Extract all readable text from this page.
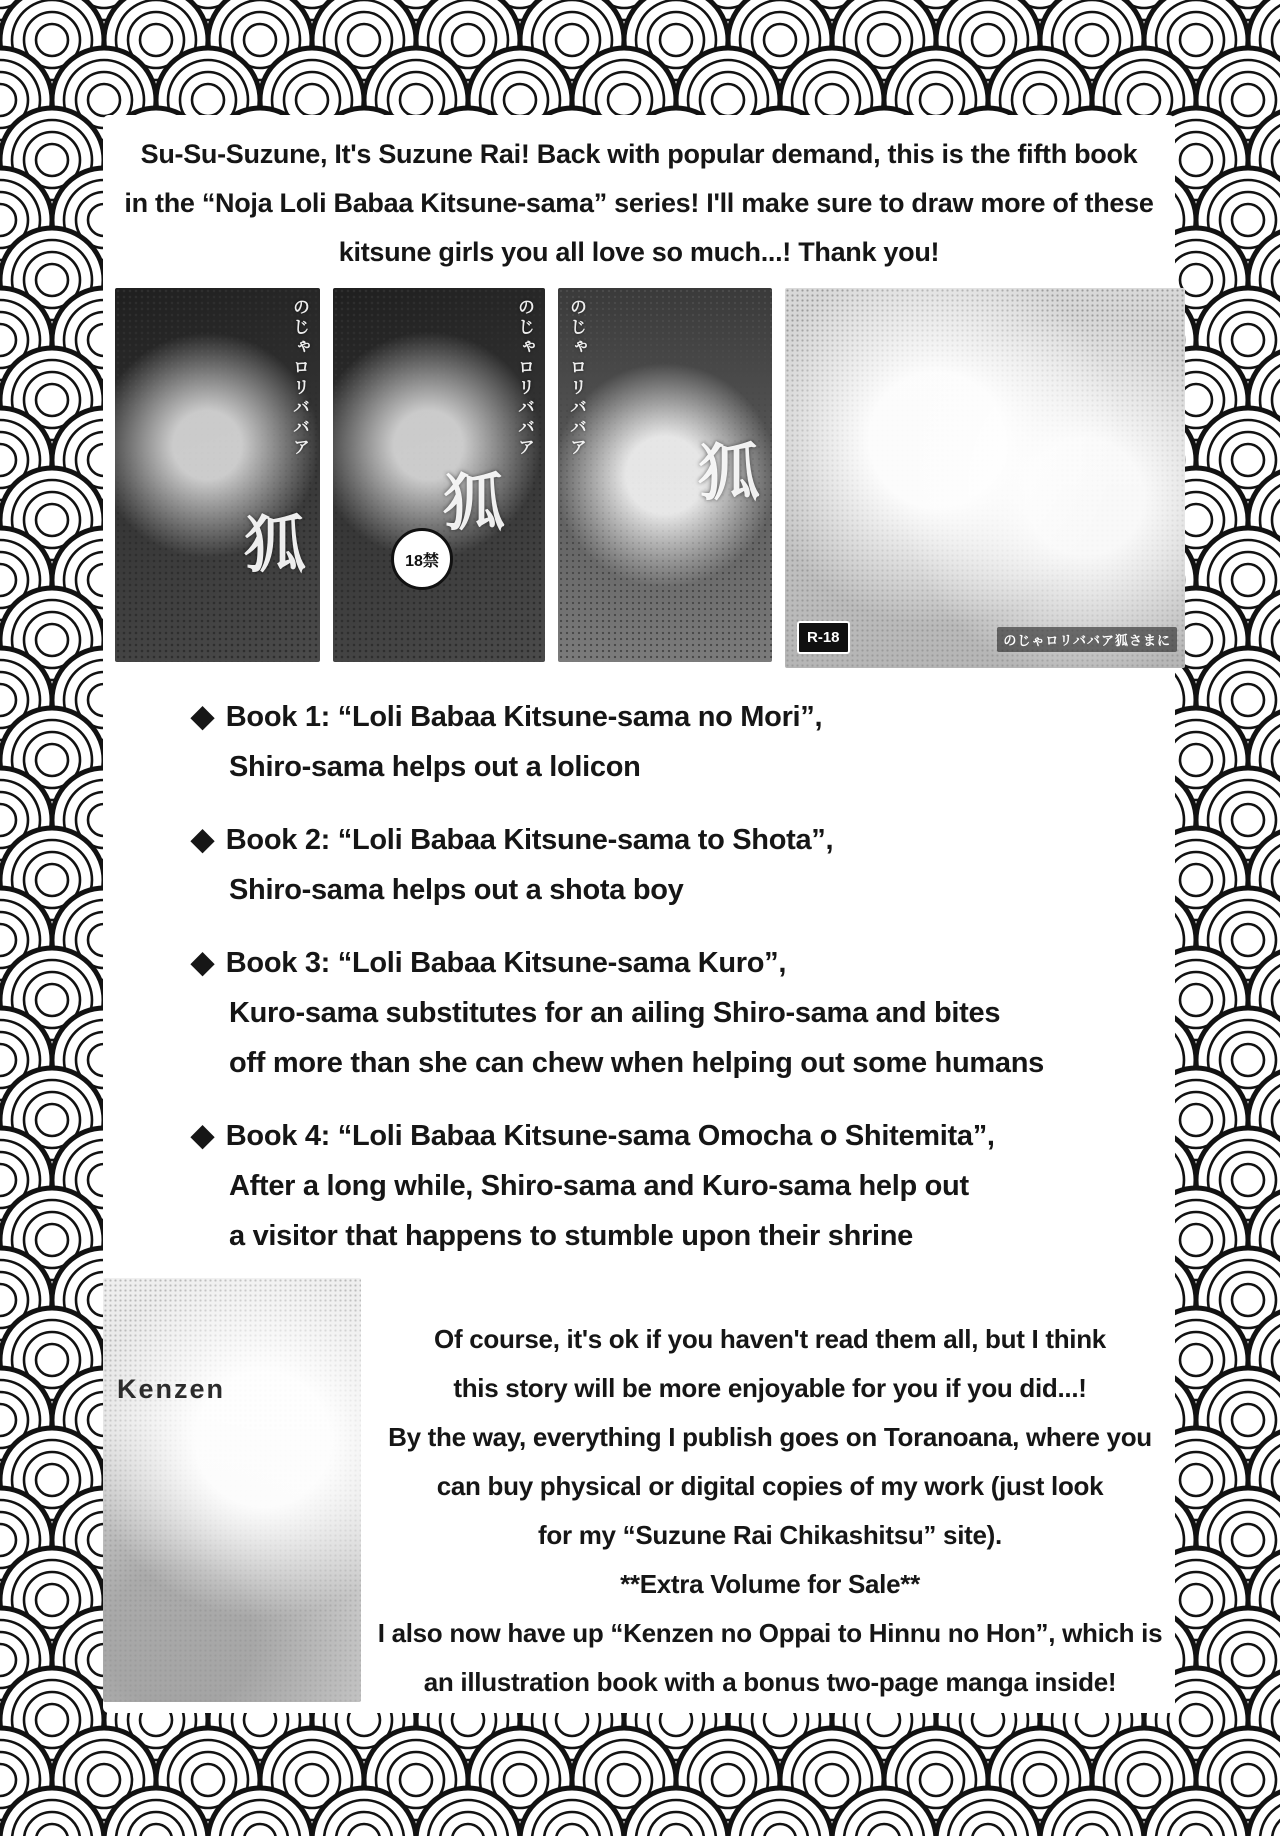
Su-Su-Suzune, It's Suzune Rai! Back with popular demand, this is the fifth book
in the “Noja Loli Babaa Kitsune-sama” series! I'll make sure to draw more of these
kitsune girls you all love so much...! Thank you!
のじゃロリババア
狐
のじゃロリババア
狐
18禁
のじゃロリババア
狐
R-18	のじゃロリババア狐さまに
◆ Book 1: “Loli Babaa Kitsune-sama no Mori”,
Shiro-sama helps out a lolicon
◆ Book 2: “Loli Babaa Kitsune-sama to Shota”,
Shiro-sama helps out a shota boy
◆ Book 3: “Loli Babaa Kitsune-sama Kuro”,
Kuro-sama substitutes for an ailing Shiro-sama and bites
off more than she can chew when helping out some humans
◆ Book 4: “Loli Babaa Kitsune-sama Omocha o Shitemita”,
After a long while, Shiro-sama and Kuro-sama help out
a visitor that happens to stumble upon their shrine
Kenzen
Of course, it's ok if you haven't read them all, but I think
this story will be more enjoyable for you if you did...!
By the way, everything I publish goes on Toranoana, where you
can buy physical or digital copies of my work (just look
for my “Suzune Rai Chikashitsu” site).
**Extra Volume for Sale**
I also now have up “Kenzen no Oppai to Hinnu no Hon”, which is
an illustration book with a bonus two-page manga inside!
